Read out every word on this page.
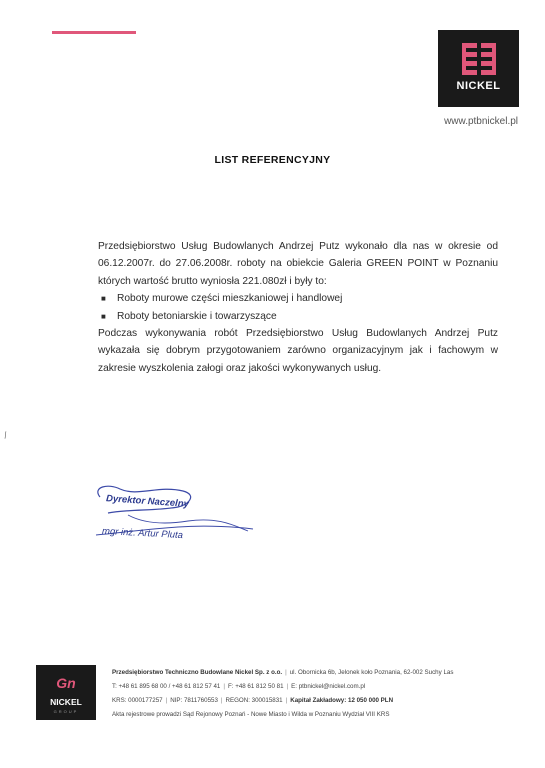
NICKEL
www.ptbnickel.pl
LIST REFERENCYJNY

Przedsiębiorstwo Usług Budowlanych Andrzej Putz wykonało dla nas w okresie od 06.12.2007r. do 27.06.2008r. roboty na obiekcie Galeria GREEN POINT w Poznaniu których wartość brutto wyniosła 221.080zł i były to:

■ Roboty murowe części mieszkaniowej i handlowej
■ Roboty betoniarskie i towarzyszące

Podczas wykonywania robót Przedsiębiorstwo Usług Budowlanych Andrzej Putz wykazała się dobrym przygotowaniem zarówno organizacyjnym jak i fachowym w zakresie wyszkolenia załogi oraz jakości wykonywanych usług.

⁄
Dyrektor Naczelny
mgr inż. Artur Pluta
Gn
NICKEL
GROUP
Przedsiębiorstwo Techniczno Budowlane Nickel Sp. z o.o. | ul. Obornicka 6b, Jelonek koło Poznania, 62-002 Suchy Las
T: +48 61 895 68 00 / +48 61 812 57 41 | F: +48 61 812 50 81 | E: ptbnickel@nickel.com.pl
KRS: 0000177257 | NIP: 7811760553 | REGON: 300015831 | Kapitał Zakładowy: 12 050 000 PLN
Akta rejestrowe prowadzi Sąd Rejonowy Poznań - Nowe Miasto i Wilda w Poznaniu Wydział VIII KRS
